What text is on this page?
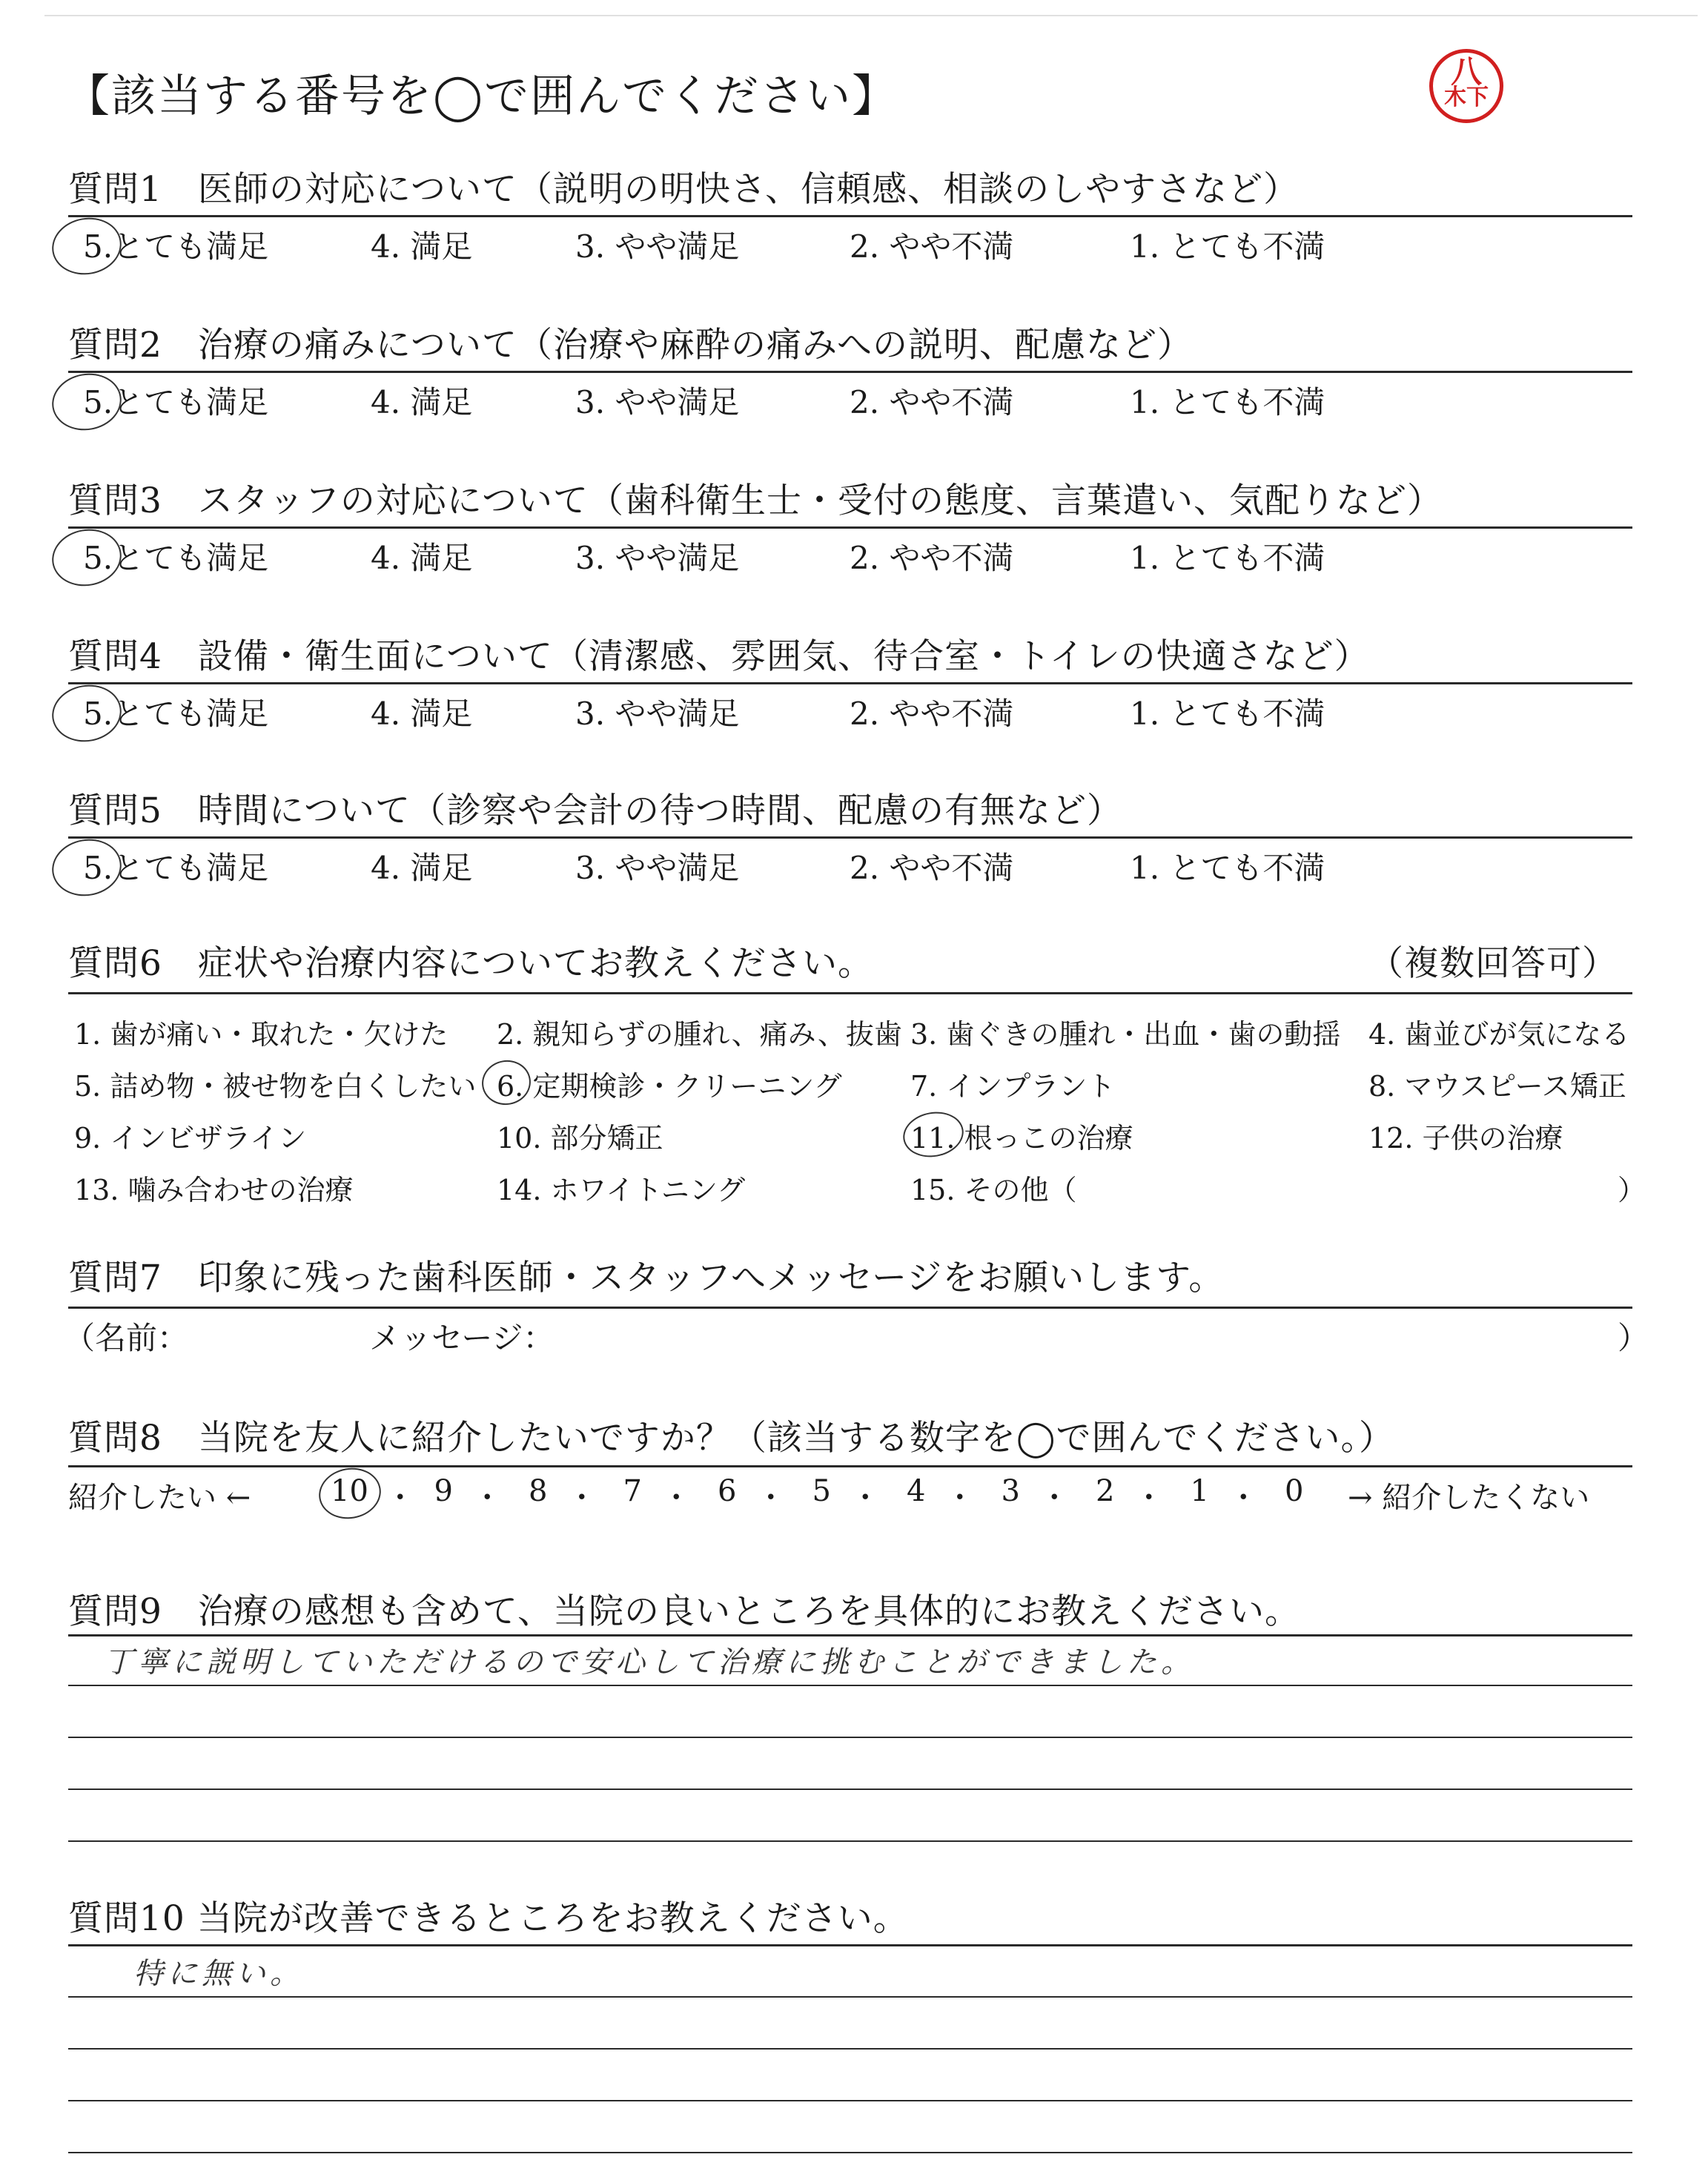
【該当する番号を◯で囲んでください】	八
木下
質問1　医師の対応について（説明の明快さ、信頼感、相談のしやすさなど）
5.とても満足	4. 満足	3. やや満足	2. やや不満	1. とても不満
質問2　治療の痛みについて（治療や麻酔の痛みへの説明、配慮など）
5.とても満足	4. 満足	3. やや満足	2. やや不満	1. とても不満
質問3　スタッフの対応について（歯科衛生士・受付の態度、言葉遣い、気配りなど）
5.とても満足	4. 満足	3. やや満足	2. やや不満	1. とても不満
質問4　設備・衛生面について（清潔感、雰囲気、待合室・トイレの快適さなど）
5.とても満足	4. 満足	3. やや満足	2. やや不満	1. とても不満
質問5　時間について（診察や会計の待つ時間、配慮の有無など）
5.とても満足	4. 満足	3. やや満足	2. やや不満	1. とても不満
質問6　症状や治療内容についてお教えください。	（複数回答可）
1. 歯が痛い・取れた・欠けた 2. 親知らずの腫れ、痛み、抜歯 3. 歯ぐきの腫れ・出血・歯の動揺 4. 歯並びが気になる
5. 詰め物・被せ物を白くしたい 6. 定期検診・クリーニング 7. インプラント	8. マウスピース矯正
9. インビザライン	10. 部分矯正	11. 根っこの治療	12. 子供の治療
13. 噛み合わせの治療	14. ホワイトニング	15. その他（	）
質問7　印象に残った歯科医師・スタッフへメッセージをお願いします。
（名前：	メッセージ：	）
質問8　当院を友人に紹介したいですか？（該当する数字を◯で囲んでください。）
紹介したい ←	→ 紹介したくない
10 ・ 9 ・ 8 ・ 7 ・ 6 ・ 5 ・ 4 ・ 3 ・ 2 ・ 1 ・ 0
質問9　治療の感想も含めて、当院の良いところを具体的にお教えください。
丁寧に説明していただけるので安心して治療に挑むことができました。
質問10 当院が改善できるところをお教えください。
特に無い。
